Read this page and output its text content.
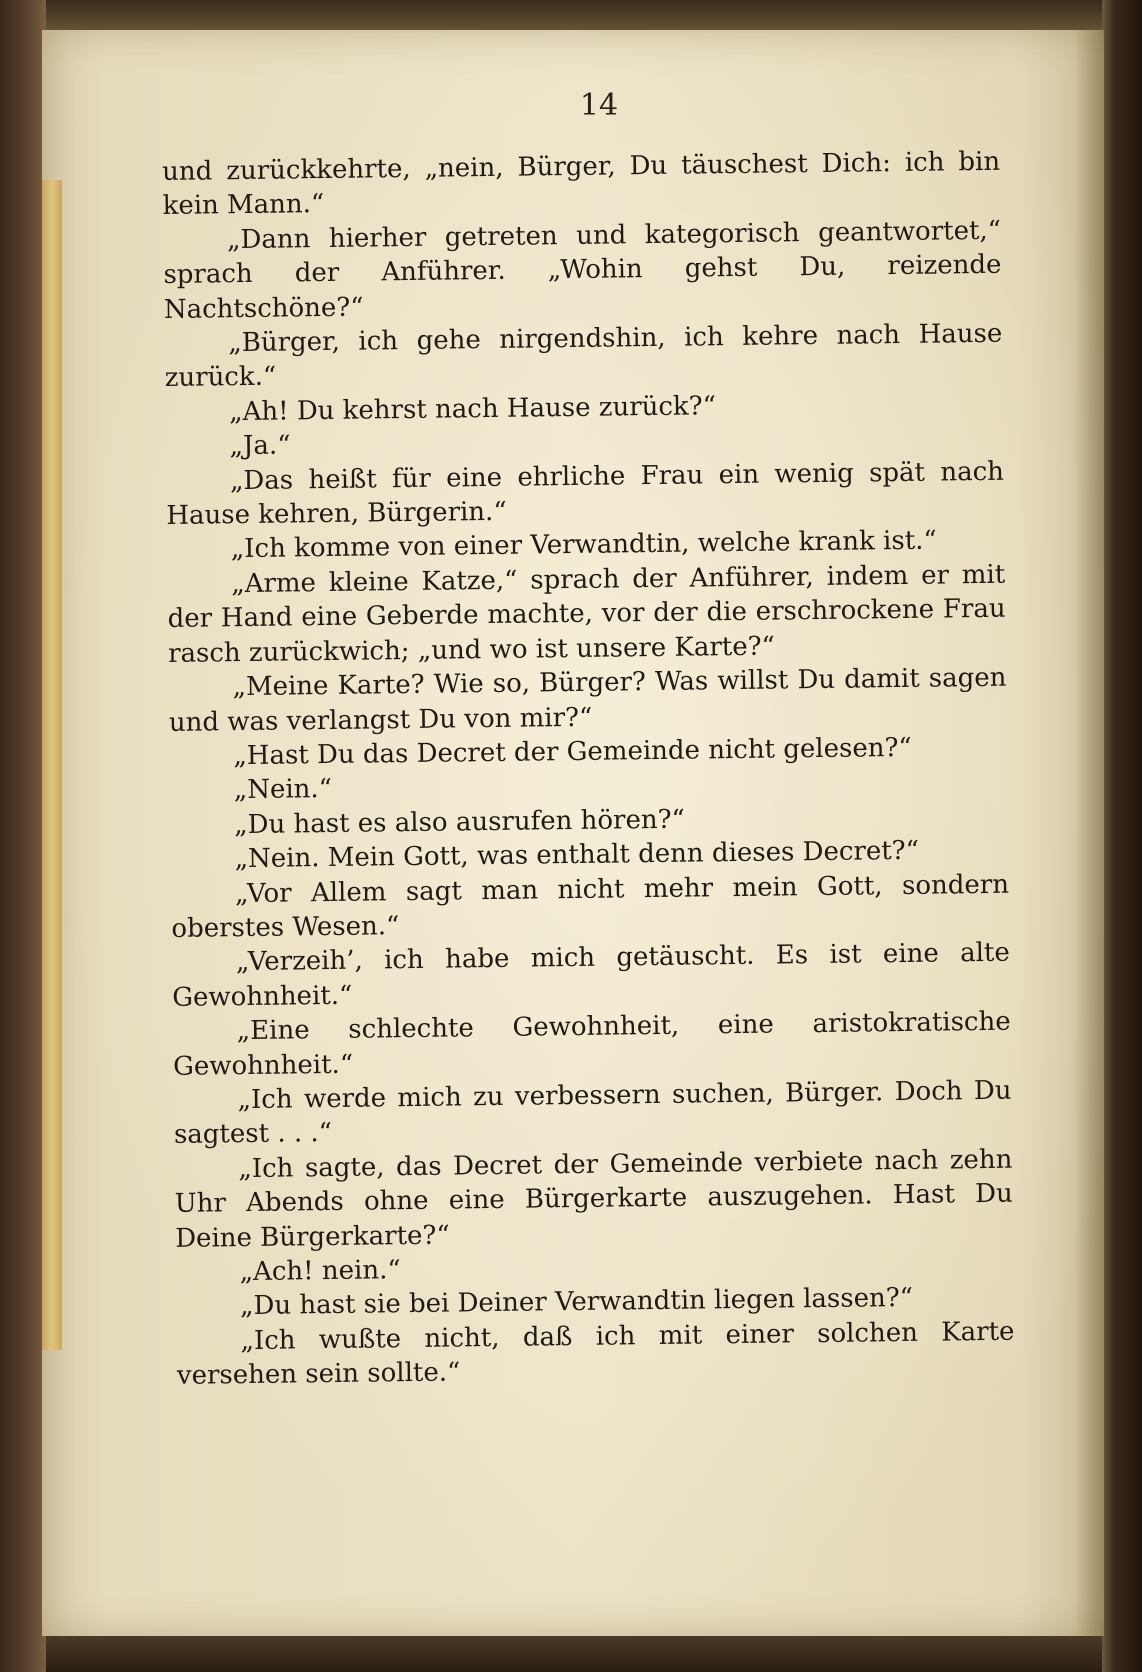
14

und zurückkehrte, „nein, Bürger, Du täuschest Dich: ich bin kein Mann.“

„Dann hierher getreten und kategorisch geantwortet,“ sprach der Anführer. „Wohin gehst Du, reizende Nachtschöne?“

„Bürger, ich gehe nirgendshin, ich kehre nach Hause zurück.“

„Ah! Du kehrst nach Hause zurück?“

„Ja.“

„Das heißt für eine ehrliche Frau ein wenig spät nach Hause kehren, Bürgerin.“

„Ich komme von einer Verwandtin, welche krank ist.“

„Arme kleine Katze,“ sprach der Anführer, indem er mit der Hand eine Geberde machte, vor der die erschrockene Frau rasch zurückwich; „und wo ist unsere Karte?“

„Meine Karte? Wie so, Bürger? Was willst Du damit sagen und was verlangst Du von mir?“

„Hast Du das Decret der Gemeinde nicht gelesen?“

„Nein.“

„Du hast es also ausrufen hören?“

„Nein. Mein Gott, was enthalt denn dieses Decret?“

„Vor Allem sagt man nicht mehr mein Gott, sondern oberstes Wesen.“

„Verzeih’, ich habe mich getäuscht. Es ist eine alte Gewohnheit.“

„Eine schlechte Gewohnheit, eine aristokratische Gewohnheit.“

„Ich werde mich zu verbessern suchen, Bürger. Doch Du sagtest . . .“

„Ich sagte, das Decret der Gemeinde verbiete nach zehn Uhr Abends ohne eine Bürgerkarte auszugehen. Hast Du Deine Bürgerkarte?“

„Ach! nein.“

„Du hast sie bei Deiner Verwandtin liegen lassen?“

„Ich wußte nicht, daß ich mit einer solchen Karte versehen sein sollte.“
